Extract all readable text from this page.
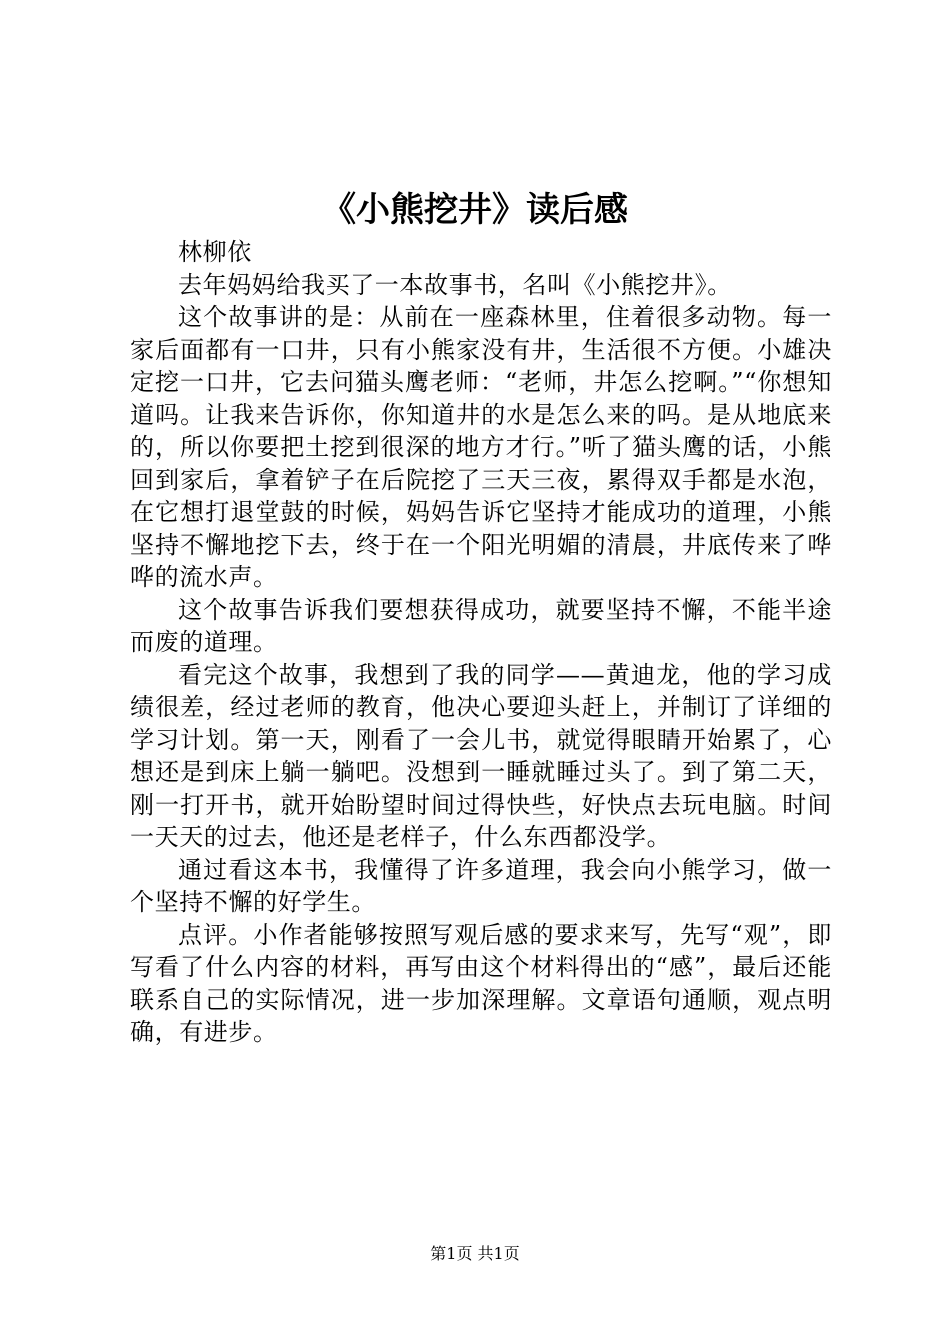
《小熊挖井》读后感

林柳依

去年妈妈给我买了一本故事书，名叫《小熊挖井》。

这个故事讲的是：从前在一座森林里，住着很多动物。每一家后面都有一口井，只有小熊家没有井，生活很不方便。小雄决定挖一口井，它去问猫头鹰老师：“老师，井怎么挖啊。”“你想知道吗。让我来告诉你，你知道井的水是怎么来的吗。是从地底来的，所以你要把土挖到很深的地方才行。”听了猫头鹰的话，小熊回到家后，拿着铲子在后院挖了三天三夜，累得双手都是水泡，在它想打退堂鼓的时候，妈妈告诉它坚持才能成功的道理，小熊坚持不懈地挖下去，终于在一个阳光明媚的清晨，井底传来了哗哗的流水声。

这个故事告诉我们要想获得成功，就要坚持不懈，不能半途而废的道理。

看完这个故事，我想到了我的同学——黄迪龙，他的学习成绩很差，经过老师的教育，他决心要迎头赶上，并制订了详细的学习计划。第一天，刚看了一会儿书，就觉得眼睛开始累了，心想还是到床上躺一躺吧。没想到一睡就睡过头了。到了第二天，刚一打开书，就开始盼望时间过得快些，好快点去玩电脑。时间一天天的过去，他还是老样子，什么东西都没学。

通过看这本书，我懂得了许多道理，我会向小熊学习，做一个坚持不懈的好学生。

点评。小作者能够按照写观后感的要求来写，先写“观”，即写看了什么内容的材料，再写由这个材料得出的“感”，最后还能联系自己的实际情况，进一步加深理解。文章语句通顺，观点明确，有进步。

第1页 共1页
